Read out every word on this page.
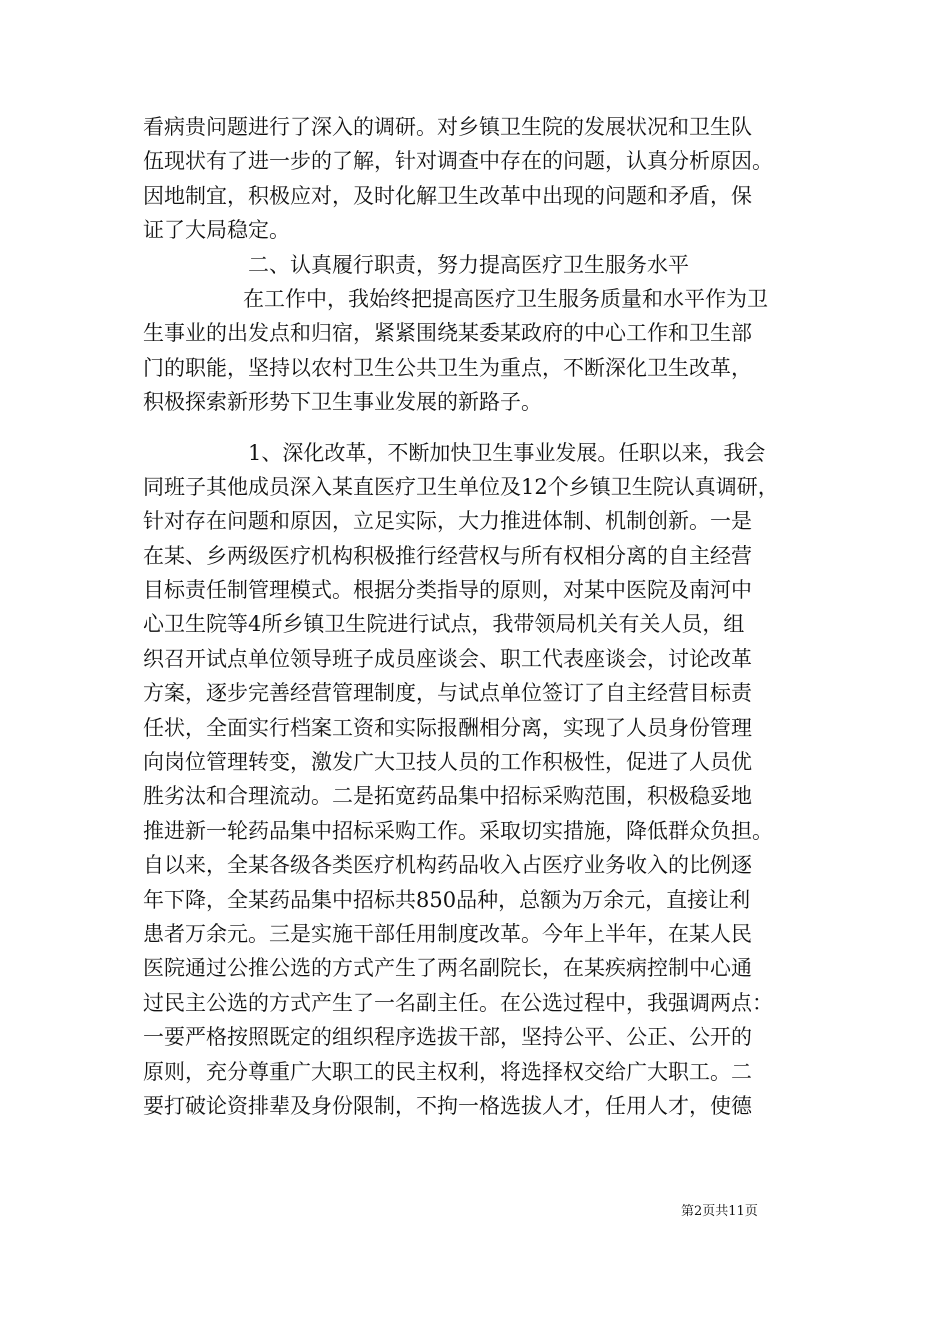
看病贵问题进行了深入的调研。对乡镇卫生院的发展状况和卫生队
伍现状有了进一步的了解，针对调查中存在的问题，认真分析原因。
因地制宜，积极应对，及时化解卫生改革中出现的问题和矛盾，保
证了大局稳定。
二、认真履行职责，努力提高医疗卫生服务水平
在工作中，我始终把提高医疗卫生服务质量和水平作为卫
生事业的出发点和归宿，紧紧围绕某委某政府的中心工作和卫生部
门的职能，坚持以农村卫生公共卫生为重点，不断深化卫生改革，
积极探索新形势下卫生事业发展的新路子。
1、深化改革，不断加快卫生事业发展。任职以来，我会
同班子其他成员深入某直医疗卫生单位及12个乡镇卫生院认真调研，
针对存在问题和原因，立足实际，大力推进体制、机制创新。一是
在某、乡两级医疗机构积极推行经营权与所有权相分离的自主经营
目标责任制管理模式。根据分类指导的原则，对某中医院及南河中
心卫生院等4所乡镇卫生院进行试点，我带领局机关有关人员，组
织召开试点单位领导班子成员座谈会、职工代表座谈会，讨论改革
方案，逐步完善经营管理制度，与试点单位签订了自主经营目标责
任状，全面实行档案工资和实际报酬相分离，实现了人员身份管理
向岗位管理转变，激发广大卫技人员的工作积极性，促进了人员优
胜劣汰和合理流动。二是拓宽药品集中招标采购范围，积极稳妥地
推进新一轮药品集中招标采购工作。采取切实措施，降低群众负担。
自以来，全某各级各类医疗机构药品收入占医疗业务收入的比例逐
年下降，全某药品集中招标共850品种，总额为万余元，直接让利
患者万余元。三是实施干部任用制度改革。今年上半年，在某人民
医院通过公推公选的方式产生了两名副院长，在某疾病控制中心通
过民主公选的方式产生了一名副主任。在公选过程中，我强调两点：
一要严格按照既定的组织程序选拔干部，坚持公平、公正、公开的
原则，充分尊重广大职工的民主权利，将选择权交给广大职工。二
要打破论资排辈及身份限制，不拘一格选拔人才，任用人才，使德
第2页共11页
